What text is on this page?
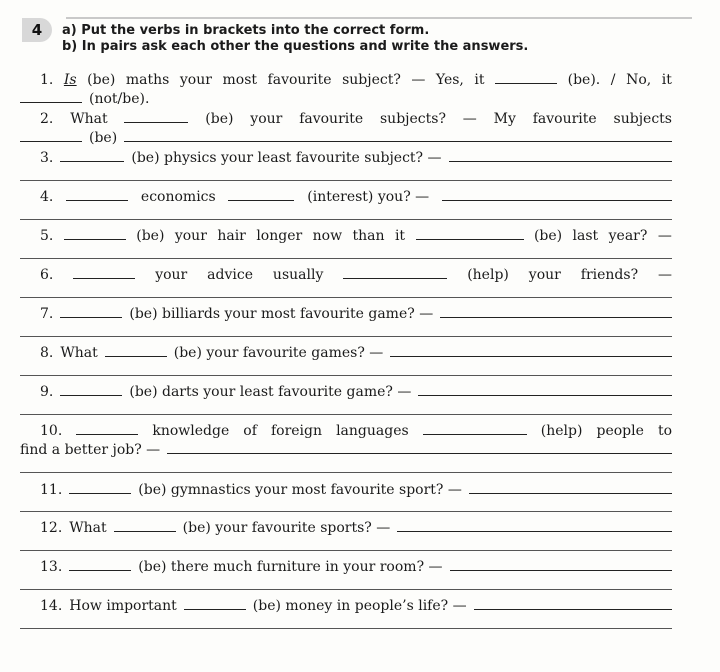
4	a) Put the verbs in brackets into the correct form.
b) In pairs ask each other the questions and write the answers.
1. Is (be) maths your most favourite subject? — Yes, it	(be). / No, it
(not/be).
2. What	(be) your favourite subjects? — My favourite subjects
(be)
3.	(be) physics your least favourite subject? —
4.	economics	(interest) you? —
5.	(be) your hair longer now than it	(be) last year? —
6.	your advice usually	(help) your friends? —
7.	(be) billiards your most favourite game? —
8. What	(be) your favourite games? —
9.	(be) darts your least favourite game? —
10.	knowledge of foreign languages	(help) people to
find a better job? —
11.	(be) gymnastics your most favourite sport? —
12. What	(be) your favourite sports? —
13.	(be) there much furniture in your room? —
14. How important	(be) money in people’s life? —
